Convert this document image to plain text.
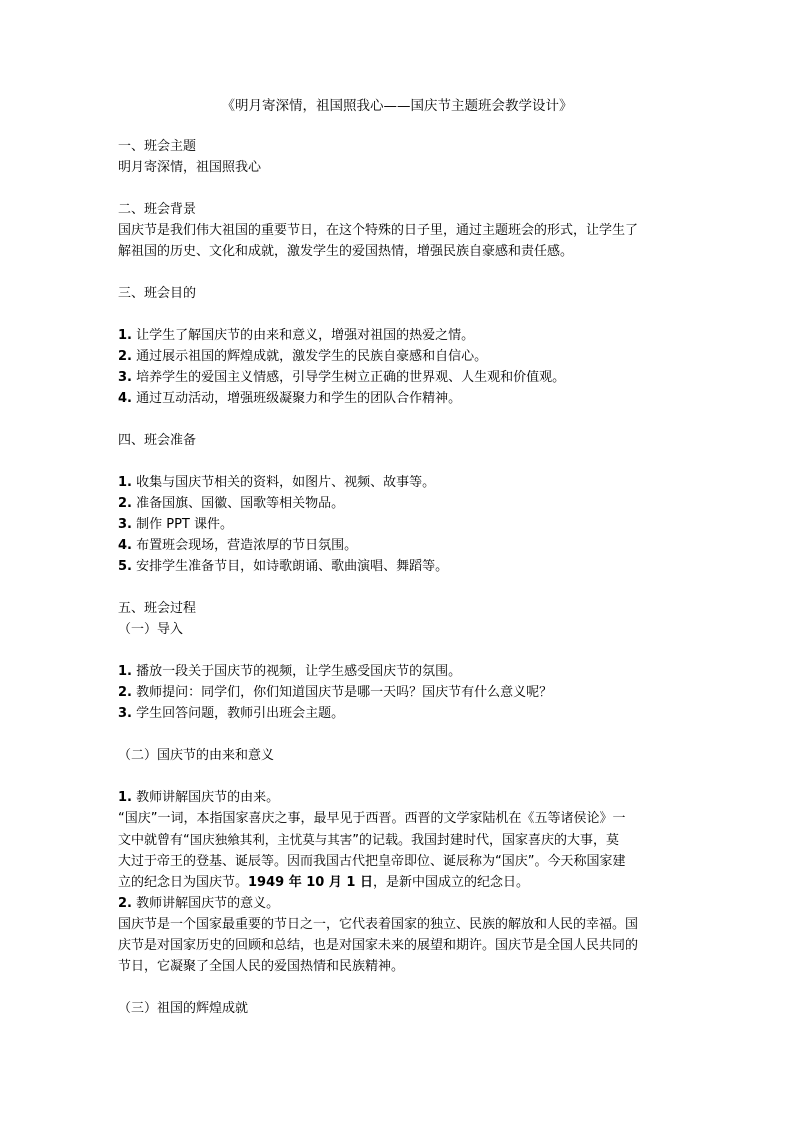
《明月寄深情，祖国照我心——国庆节主题班会教学设计》

一、班会主题

明月寄深情，祖国照我心

二、班会背景

国庆节是我们伟大祖国的重要节日，在这个特殊的日子里，通过主题班会的形式，让学生了

解祖国的历史、文化和成就，激发学生的爱国热情，增强民族自豪感和责任感。

三、班会目的

1. 让学生了解国庆节的由来和意义，增强对祖国的热爱之情。

2. 通过展示祖国的辉煌成就，激发学生的民族自豪感和自信心。

3. 培养学生的爱国主义情感，引导学生树立正确的世界观、人生观和价值观。

4. 通过互动活动，增强班级凝聚力和学生的团队合作精神。

四、班会准备

1. 收集与国庆节相关的资料，如图片、视频、故事等。

2. 准备国旗、国徽、国歌等相关物品。

3. 制作 PPT 课件。

4. 布置班会现场，营造浓厚的节日氛围。

5. 安排学生准备节目，如诗歌朗诵、歌曲演唱、舞蹈等。

五、班会过程

（一）导入

1. 播放一段关于国庆节的视频，让学生感受国庆节的氛围。

2. 教师提问：同学们，你们知道国庆节是哪一天吗？国庆节有什么意义呢？

3. 学生回答问题，教师引出班会主题。

（二）国庆节的由来和意义

1. 教师讲解国庆节的由来。

“国庆”一词，本指国家喜庆之事，最早见于西晋。西晋的文学家陆机在《五等诸侯论》一

文中就曾有“国庆独飨其利，主忧莫与其害”的记载。我国封建时代，国家喜庆的大事，莫

大过于帝王的登基、诞辰等。因而我国古代把皇帝即位、诞辰称为“国庆”。今天称国家建

立的纪念日为国庆节。1949 年 10 月 1 日，是新中国成立的纪念日。

2. 教师讲解国庆节的意义。

国庆节是一个国家最重要的节日之一，它代表着国家的独立、民族的解放和人民的幸福。国

庆节是对国家历史的回顾和总结，也是对国家未来的展望和期许。国庆节是全国人民共同的

节日，它凝聚了全国人民的爱国热情和民族精神。

（三）祖国的辉煌成就
